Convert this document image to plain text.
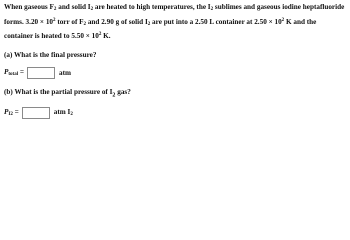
When gaseous $F_2$ and solid $I_2$ are heated to high temperatures, the $I_2$ sublimes and gaseous iodine heptafluoride forms. $3.20 \times 10^2$ torr of $F_2$ and 2.90 g of solid $I_2$ are put into a 2.50 L container at $2.50 \times 10^2$ K and the container is heated to $5.50 \times 10^2$ K.

(a) What is the final pressure?

$P_{total}$ =	atm

(b) What is the partial pressure of $I_2$ gas?

$P_{I2}$ =	atm $I_2$
